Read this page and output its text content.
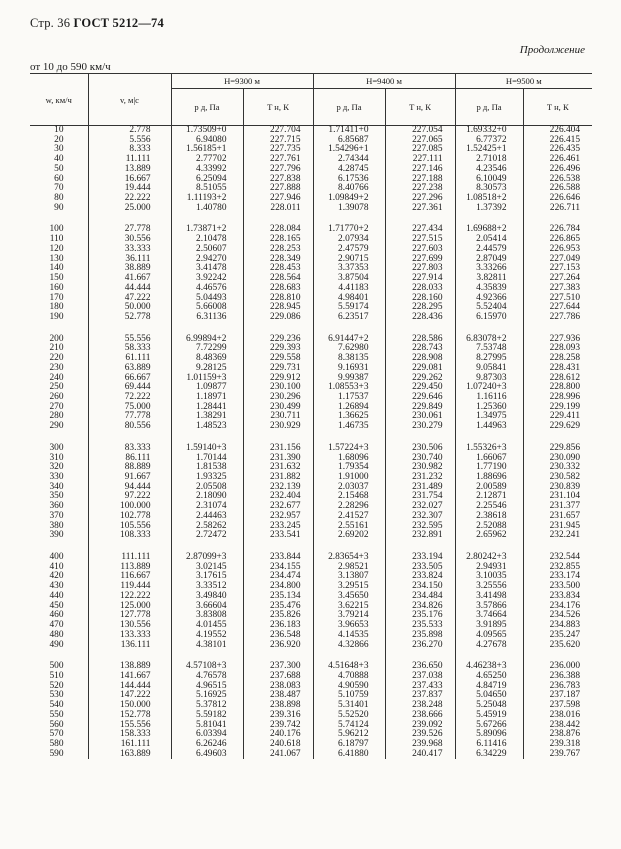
Стр. 36 ГОСТ 5212—74
Продолжение
от 10 до 590 км/ч
w, км/ч	v, м|с	H=9300 м		H=9400 м		H=9500 м	
		p д, Па	T н, К	p д, Па	T н, К	p д, Па	T н, К
10	2.778	1.73509+0	227.704	1.71411+0	227.054	1.69332+0	226.404
20	5.556	6.94080	227.715	6.85687	227.065	6.77372	226.415
30	8.333	1.56185+1	227.735	1.54296+1	227.085	1.52425+1	226.435
40	11.111	2.77702	227.761	2.74344	227.111	2.71018	226.461
50	13.889	4.33992	227.796	4.28745	227.146	4.23546	226.496
60	16.667	6.25094	227.838	6.17536	227.188	6.10049	226.538
70	19.444	8.51055	227.888	8.40766	227.238	8.30573	226.588
80	22.222	1.11193+2	227.946	1.09849+2	227.296	1.08518+2	226.646
90	25.000	1.40780	228.011	1.39078	227.361	1.37392	226.711

100	27.778	1.73871+2	228.084	1.71770+2	227.434	1.69688+2	226.784
110	30.556	2.10478	228.165	2.07934	227.515	2.05414	226.865
120	33.333	2.50607	228.253	2.47579	227.603	2.44579	226.953
130	36.111	2.94270	228.349	2.90715	227.699	2.87049	227.049
140	38.889	3.41478	228.453	3.37353	227.803	3.33266	227.153
150	41.667	3.92242	228.564	3.87504	227.914	3.82811	227.264
160	44.444	4.46576	228.683	4.41183	228.033	4.35839	227.383
170	47.222	5.04493	228.810	4.98401	228.160	4.92366	227.510
180	50.000	5.66008	228.945	5.59174	228.295	5.52404	227.644
190	52.778	6.31136	229.086	6.23517	228.436	6.15970	227.786

200	55.556	6.99894+2	229.236	6.91447+2	228.586	6.83078+2	227.936
210	58.333	7.72299	229.393	7.62980	228.743	7.53748	228.093
220	61.111	8.48369	229.558	8.38135	228.908	8.27995	228.258
230	63.889	9.28125	229.731	9.16931	229.081	9.05841	228.431
240	66.667	1.01159+3	229.912	9.99387	229.262	9.87303	228.612
250	69.444	1.09877	230.100	1.08553+3	229.450	1.07240+3	228.800
260	72.222	1.18971	230.296	1.17537	229.646	1.16116	228.996
270	75.000	1.28441	230.499	1.26894	229.849	1.25360	229.199
280	77.778	1.38291	230.711	1.36625	230.061	1.34975	229.411
290	80.556	1.48523	230.929	1.46735	230.279	1.44963	229.629

300	83.333	1.59140+3	231.156	1.57224+3	230.506	1.55326+3	229.856
310	86.111	1.70144	231.390	1.68096	230.740	1.66067	230.090
320	88.889	1.81538	231.632	1.79354	230.982	1.77190	230.332
330	91.667	1.93325	231.882	1.91000	231.232	1.88696	230.582
340	94.444	2.05508	232.139	2.03037	231.489	2.00589	230.839
350	97.222	2.18090	232.404	2.15468	231.754	2.12871	231.104
360	100.000	2.31074	232.677	2.28296	232.027	2.25546	231.377
370	102.778	2.44463	232.957	2.41527	232.307	2.38618	231.657
380	105.556	2.58262	233.245	2.55161	232.595	2.52088	231.945
390	108.333	2.72472	233.541	2.69202	232.891	2.65962	232.241

400	111.111	2.87099+3	233.844	2.83654+3	233.194	2.80242+3	232.544
410	113.889	3.02145	234.155	2.98521	233.505	2.94931	232.855
420	116.667	3.17615	234.474	3.13807	233.824	3.10035	233.174
430	119.444	3.33512	234.800	3.29515	234.150	3.25556	233.500
440	122.222	3.49840	235.134	3.45650	234.484	3.41498	233.834
450	125.000	3.66604	235.476	3.62215	234.826	3.57866	234.176
460	127.778	3.83808	235.826	3.79214	235.176	3.74664	234.526
470	130.556	4.01455	236.183	3.96653	235.533	3.91895	234.883
480	133.333	4.19552	236.548	4.14535	235.898	4.09565	235.247
490	136.111	4.38101	236.920	4.32866	236.270	4.27678	235.620

500	138.889	4.57108+3	237.300	4.51648+3	236.650	4.46238+3	236.000
510	141.667	4.76578	237.688	4.70888	237.038	4.65250	236.388
520	144.444	4.96515	238.083	4.90590	237.433	4.84719	236.783
530	147.222	5.16925	238.487	5.10759	237.837	5.04650	237.187
540	150.000	5.37812	238.898	5.31401	238.248	5.25048	237.598
550	152.778	5.59182	239.316	5.52520	238.666	5.45919	238.016
560	155.556	5.81041	239.742	5.74124	239.092	5.67266	238.442
570	158.333	6.03394	240.176	5.96212	239.526	5.89096	238.876
580	161.111	6.26246	240.618	6.18797	239.968	6.11416	239.318
590	163.889	6.49603	241.067	6.41880	240.417	6.34229	239.767
